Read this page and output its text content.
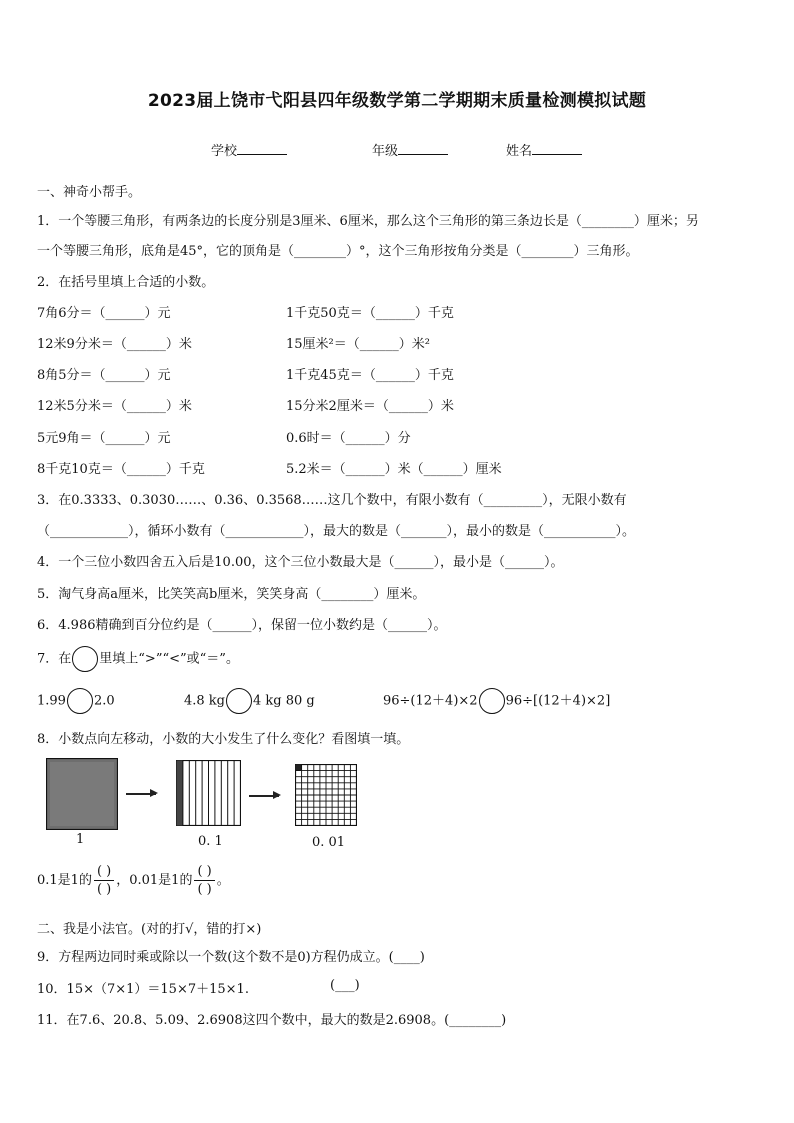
2023届上饶市弋阳县四年级数学第二学期期末质量检测模拟试题
学校	年级	姓名
一、神奇小帮手。
1．一个等腰三角形，有两条边的长度分别是3厘米、6厘米，那么这个三角形的第三条边长是（________）厘米；另
一个等腰三角形，底角是45°，它的顶角是（________）°，这个三角形按角分类是（________）三角形。
2．在括号里填上合适的小数。
7角6分＝（______）元	1千克50克＝（______）千克
12米9分米＝（______）米	15厘米²＝（______）米²
8角5分＝（______）元	1千克45克＝（______）千克
12米5分米＝（______）米	15分米2厘米＝（______）米
5元9角＝（______）元	0.6时＝（______）分
8千克10克＝（______）千克	5.2米＝（______）米（______）厘米
3．在0.3333、0.3030……、0.36、0.3568……这几个数中，有限小数有（_________），无限小数有
（____________），循环小数有（____________），最大的数是（_______），最小的数是（___________）。
4．一个三位小数四舍五入后是10.00，这个三位小数最大是（______），最小是（______）。
5．淘气身高a厘米，比笑笑高b厘米，笑笑身高（________）厘米。
6．4.986精确到百分位约是（______），保留一位小数约是（______）。
7．在 里填上“>”“<”或“＝”。
1.99 2.0	4.8 kg 4 kg 80 g	96÷(12＋4)×2 96÷[(12＋4)×2]
8．小数点向左移动，小数的大小发生了什么变化？看图填一填。
1	0. 1	0. 01
0.1是1的 $\frac{( )}{( )}$ ，0.01是1的 $\frac{( )}{( )}$ 。
二、我是小法官。(对的打√，错的打×)
9．方程两边同时乘或除以一个数(这个数不是0)方程仍成立。(____)
10．15×（7×1）＝15×7＋15×1.	(___)
11．在7.6、20.8、5.09、2.6908这四个数中，最大的数是2.6908。(________)
